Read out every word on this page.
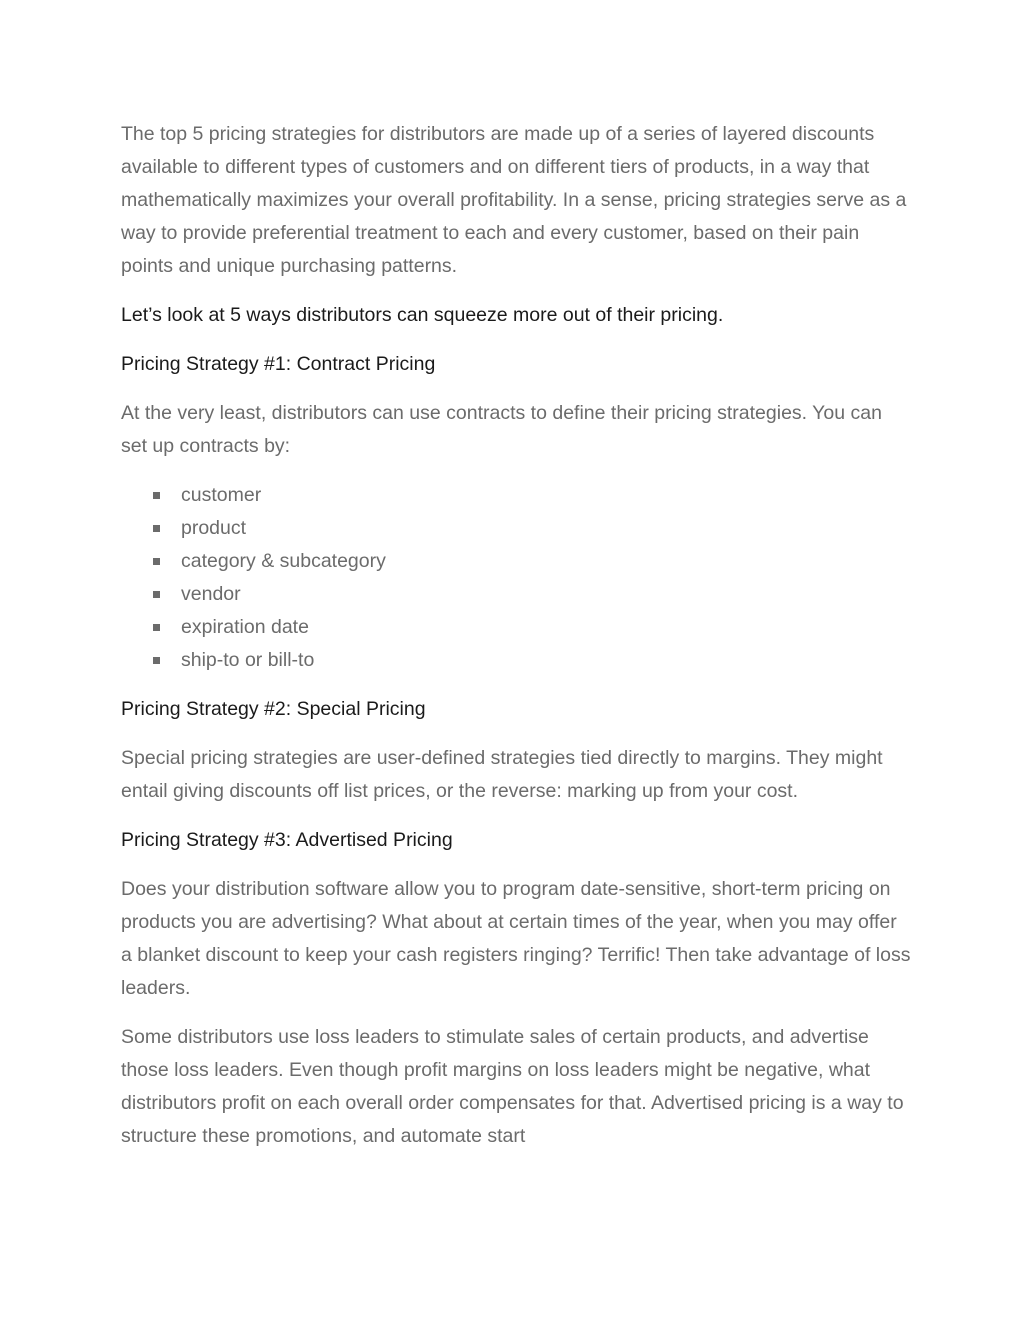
The top 5 pricing strategies for distributors are made up of a series of layered discounts available to different types of customers and on different tiers of products, in a way that mathematically maximizes your overall profitability. In a sense, pricing strategies serve as a way to provide preferential treatment to each and every customer, based on their pain points and unique purchasing patterns.

Let’s look at 5 ways distributors can squeeze more out of their pricing.

Pricing Strategy #1: Contract Pricing

At the very least, distributors can use contracts to define their pricing strategies. You can set up contracts by:

customer
product
category & subcategory
vendor
expiration date
ship-to or bill-to

Pricing Strategy #2: Special Pricing

Special pricing strategies are user-defined strategies tied directly to margins. They might entail giving discounts off list prices, or the reverse: marking up from your cost.

Pricing Strategy #3: Advertised Pricing

Does your distribution software allow you to program date-sensitive, short-term pricing on products you are advertising? What about at certain times of the year, when you may offer a blanket discount to keep your cash registers ringing? Terrific! Then take advantage of loss leaders.

Some distributors use loss leaders to stimulate sales of certain products, and advertise those loss leaders. Even though profit margins on loss leaders might be negative, what distributors profit on each overall order compensates for that. Advertised pricing is a way to structure these promotions, and automate start
